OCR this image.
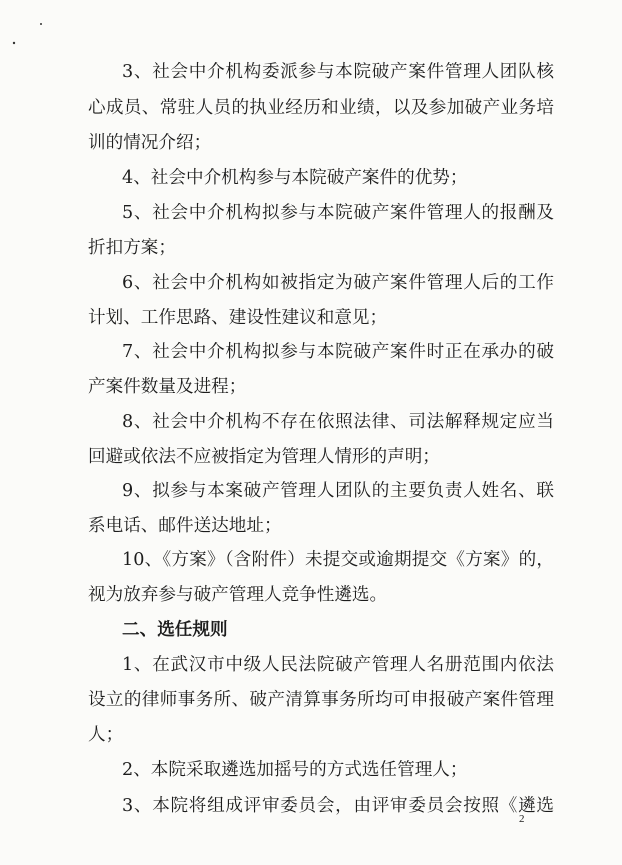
3、社会中介机构委派参与本院破产案件管理人团队核
心成员、常驻人员的执业经历和业绩，以及参加破产业务培
训的情况介绍；
4、社会中介机构参与本院破产案件的优势；
5、社会中介机构拟参与本院破产案件管理人的报酬及
折扣方案；
6、社会中介机构如被指定为破产案件管理人后的工作
计划、工作思路、建设性建议和意见；
7、社会中介机构拟参与本院破产案件时正在承办的破
产案件数量及进程；
8、社会中介机构不存在依照法律、司法解释规定应当
回避或依法不应被指定为管理人情形的声明；
9、拟参与本案破产管理人团队的主要负责人姓名、联
系电话、邮件送达地址；
10、《方案》（含附件）未提交或逾期提交《方案》的，
视为放弃参与破产管理人竞争性遴选。
二、选任规则
1、在武汉市中级人民法院破产管理人名册范围内依法
设立的律师事务所、破产清算事务所均可申报破产案件管理
人；
2、本院采取遴选加摇号的方式选任管理人；
3、本院将组成评审委员会，由评审委员会按照《遴选
2
